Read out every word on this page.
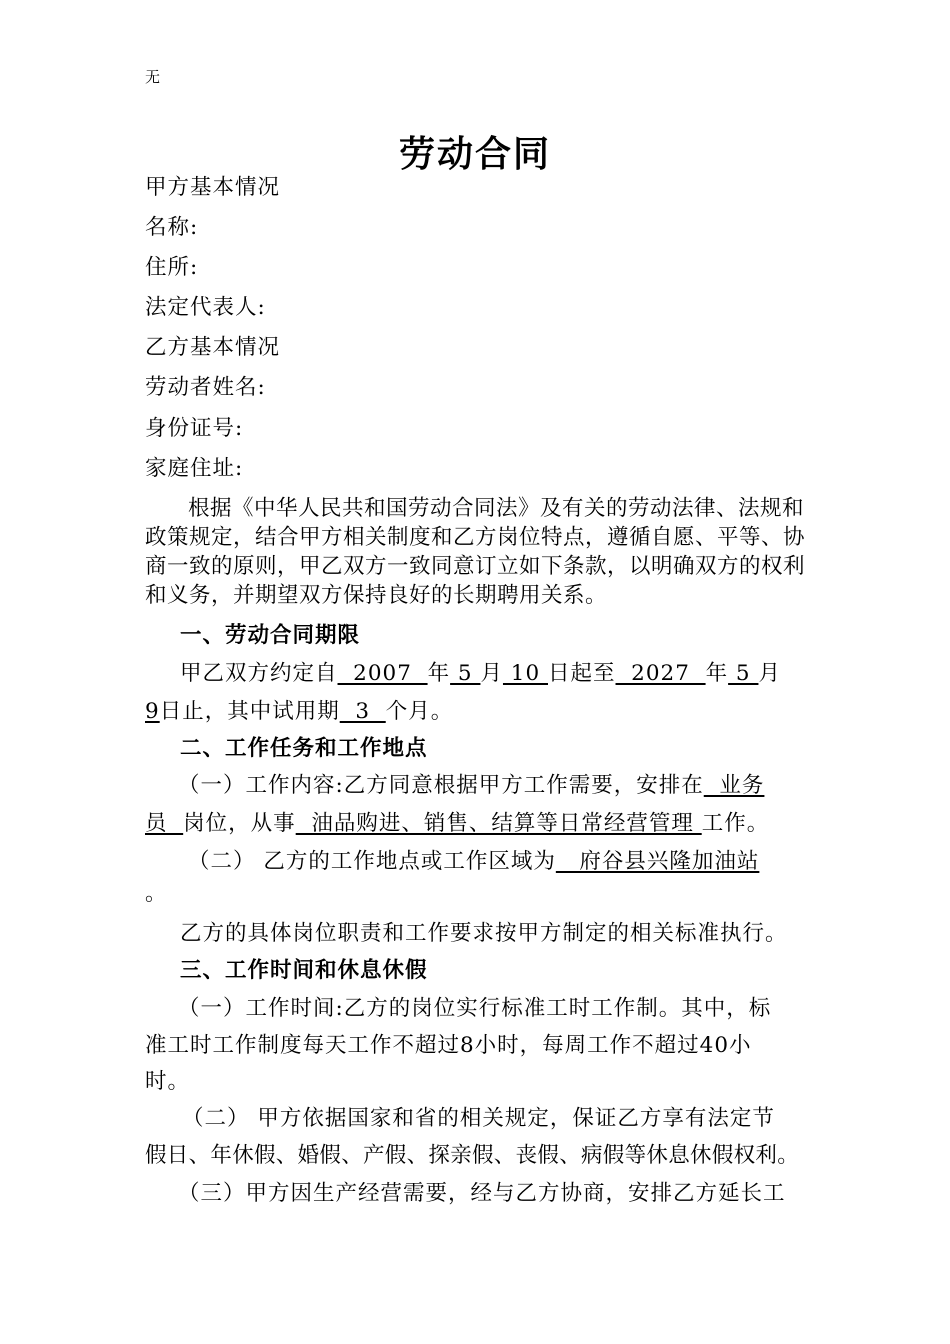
无
劳动合同
甲方基本情况
名称:
住所:
法定代表人:
乙方基本情况
劳动者姓名:
身份证号:
家庭住址:
根据《中华人民共和国劳动合同法》及有关的劳动法律、法规和政策规定，结合甲方相关制度和乙方岗位特点，遵循自愿、平等、协商一致的原则，甲乙双方一致同意订立如下条款，以明确双方的权利和义务，并期望双方保持良好的长期聘用关系。
一、劳动合同期限
甲乙双方约定自  2007  年 5 月 10 日起至  2027  年 5 月
9日止，其中试用期  3  个月。
二、工作任务和工作地点
（一）工作内容:乙方同意根据甲方工作需要，安排在  业务
员  岗位，从事  油品购进、销售、结算等日常经营管理 工作。
（二） 乙方的工作地点或工作区域为   府谷县兴隆加油站
。
乙方的具体岗位职责和工作要求按甲方制定的相关标准执行。
三、工作时间和休息休假
（一）工作时间:乙方的岗位实行标准工时工作制。其中，标
准工时工作制度每天工作不超过8小时，每周工作不超过40小
时。
（二） 甲方依据国家和省的相关规定，保证乙方享有法定节
假日、年休假、婚假、产假、探亲假、丧假、病假等休息休假权利。
（三）甲方因生产经营需要，经与乙方协商，安排乙方延长工
